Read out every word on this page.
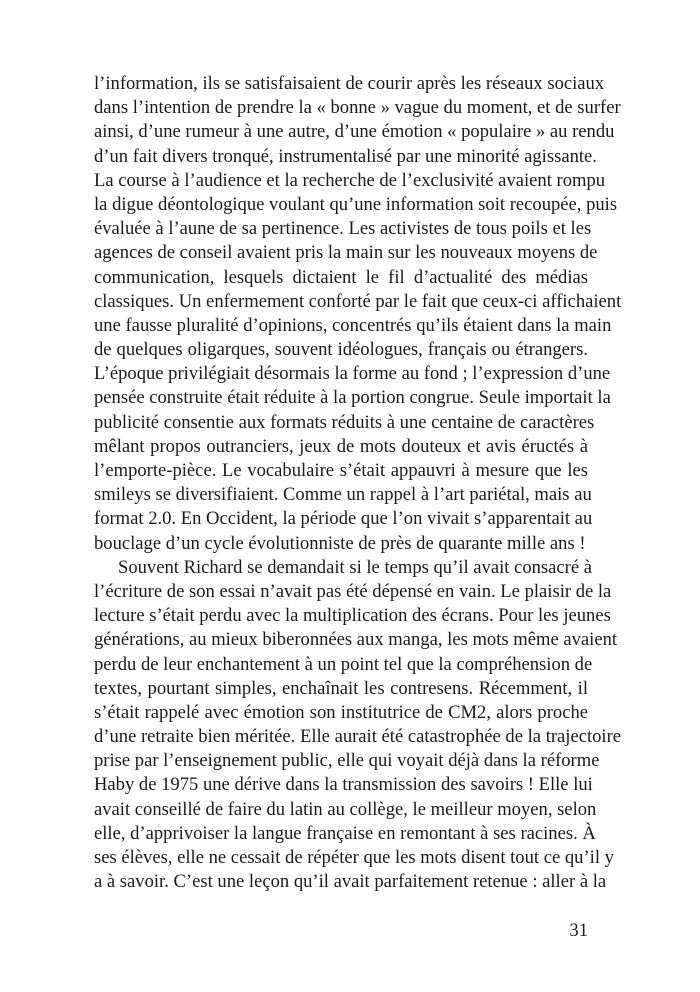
l’information, ils se satisfaisaient de courir après les réseaux sociaux
dans l’intention de prendre la « bonne » vague du moment, et de surfer
ainsi, d’une rumeur à une autre, d’une émotion « populaire » au rendu
d’un fait divers tronqué, instrumentalisé par une minorité agissante.
La course à l’audience et la recherche de l’exclusivité avaient rompu
la digue déontologique voulant qu’une information soit recoupée, puis
évaluée à l’aune de sa pertinence. Les activistes de tous poils et les
agences de conseil avaient pris la main sur les nouveaux moyens de
communication, lesquels dictaient le fil d’actualité des médias
classiques. Un enfermement conforté par le fait que ceux-ci affichaient
une fausse pluralité d’opinions, concentrés qu’ils étaient dans la main
de quelques oligarques, souvent idéologues, français ou étrangers.
L’époque privilégiait désormais la forme au fond ; l’expression d’une
pensée construite était réduite à la portion congrue. Seule importait la
publicité consentie aux formats réduits à une centaine de caractères
mêlant propos outranciers, jeux de mots douteux et avis éructés à
l’emporte-pièce. Le vocabulaire s’était appauvri à mesure que les
smileys se diversifiaient. Comme un rappel à l’art pariétal, mais au
format 2.0. En Occident, la période que l’on vivait s’apparentait au
bouclage d’un cycle évolutionniste de près de quarante mille ans !
Souvent Richard se demandait si le temps qu’il avait consacré à
l’écriture de son essai n’avait pas été dépensé en vain. Le plaisir de la
lecture s’était perdu avec la multiplication des écrans. Pour les jeunes
générations, au mieux biberonnées aux manga, les mots même avaient
perdu de leur enchantement à un point tel que la compréhension de
textes, pourtant simples, enchaînait les contresens. Récemment, il
s’était rappelé avec émotion son institutrice de CM2, alors proche
d’une retraite bien méritée. Elle aurait été catastrophée de la trajectoire
prise par l’enseignement public, elle qui voyait déjà dans la réforme
Haby de 1975 une dérive dans la transmission des savoirs ! Elle lui
avait conseillé de faire du latin au collège, le meilleur moyen, selon
elle, d’apprivoiser la langue française en remontant à ses racines. À
ses élèves, elle ne cessait de répéter que les mots disent tout ce qu’il y
a à savoir. C’est une leçon qu’il avait parfaitement retenue : aller à la
31
